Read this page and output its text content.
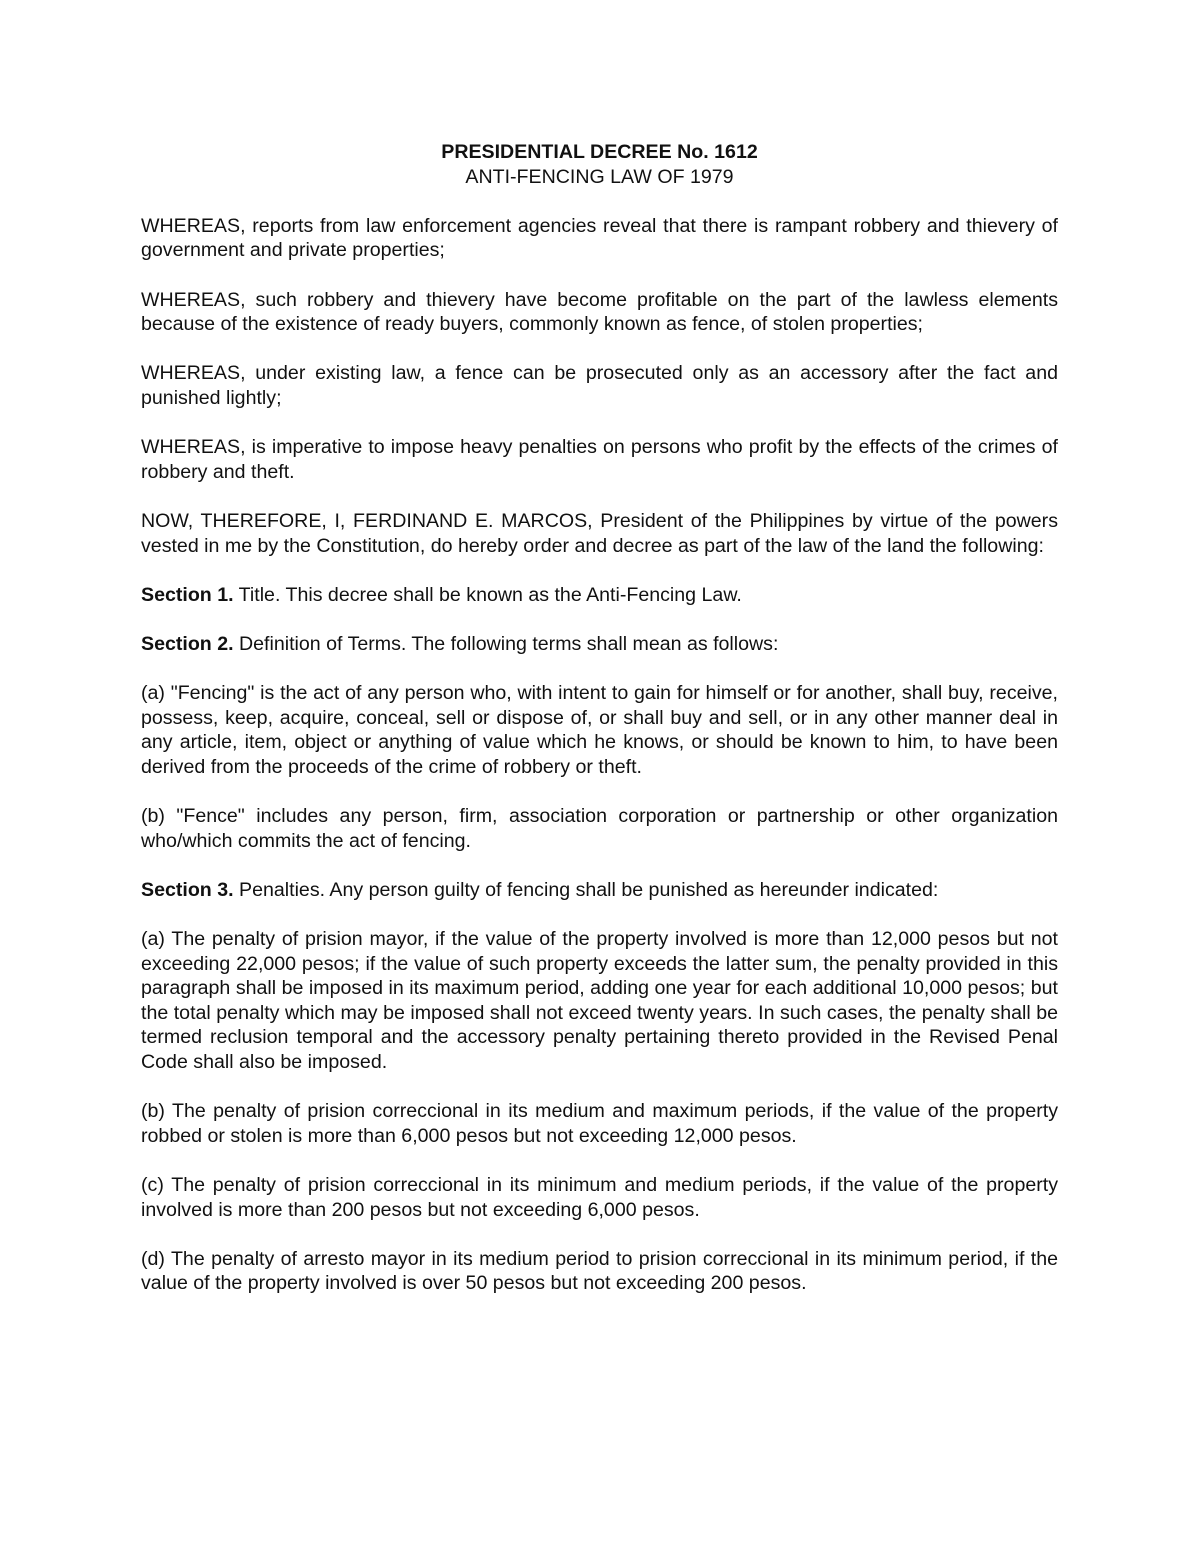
PRESIDENTIAL DECREE No. 1612

ANTI-FENCING LAW OF 1979

WHEREAS, reports from law enforcement agencies reveal that there is rampant robbery and thievery of government and private properties;

WHEREAS, such robbery and thievery have become profitable on the part of the lawless elements because of the existence of ready buyers, commonly known as fence, of stolen properties;

WHEREAS, under existing law, a fence can be prosecuted only as an accessory after the fact and punished lightly;

WHEREAS, is imperative to impose heavy penalties on persons who profit by the effects of the crimes of robbery and theft.

NOW, THEREFORE, I, FERDINAND E. MARCOS, President of the Philippines by virtue of the powers vested in me by the Constitution, do hereby order and decree as part of the law of the land the following:

Section 1. Title. This decree shall be known as the Anti-Fencing Law.

Section 2. Definition of Terms. The following terms shall mean as follows:

(a) "Fencing" is the act of any person who, with intent to gain for himself or for another, shall buy, receive, possess, keep, acquire, conceal, sell or dispose of, or shall buy and sell, or in any other manner deal in any article, item, object or anything of value which he knows, or should be known to him, to have been derived from the proceeds of the crime of robbery or theft.

(b) "Fence" includes any person, firm, association corporation or partnership or other organization who/which commits the act of fencing.

Section 3. Penalties. Any person guilty of fencing shall be punished as hereunder indicated:

(a) The penalty of prision mayor, if the value of the property involved is more than 12,000 pesos but not exceeding 22,000 pesos; if the value of such property exceeds the latter sum, the penalty provided in this paragraph shall be imposed in its maximum period, adding one year for each additional 10,000 pesos; but the total penalty which may be imposed shall not exceed twenty years. In such cases, the penalty shall be termed reclusion temporal and the accessory penalty pertaining thereto provided in the Revised Penal Code shall also be imposed.

(b) The penalty of prision correccional in its medium and maximum periods, if the value of the property robbed or stolen is more than 6,000 pesos but not exceeding 12,000 pesos.

(c) The penalty of prision correccional in its minimum and medium periods, if the value of the property involved is more than 200 pesos but not exceeding 6,000 pesos.

(d) The penalty of arresto mayor in its medium period to prision correccional in its minimum period, if the value of the property involved is over 50 pesos but not exceeding 200 pesos.
